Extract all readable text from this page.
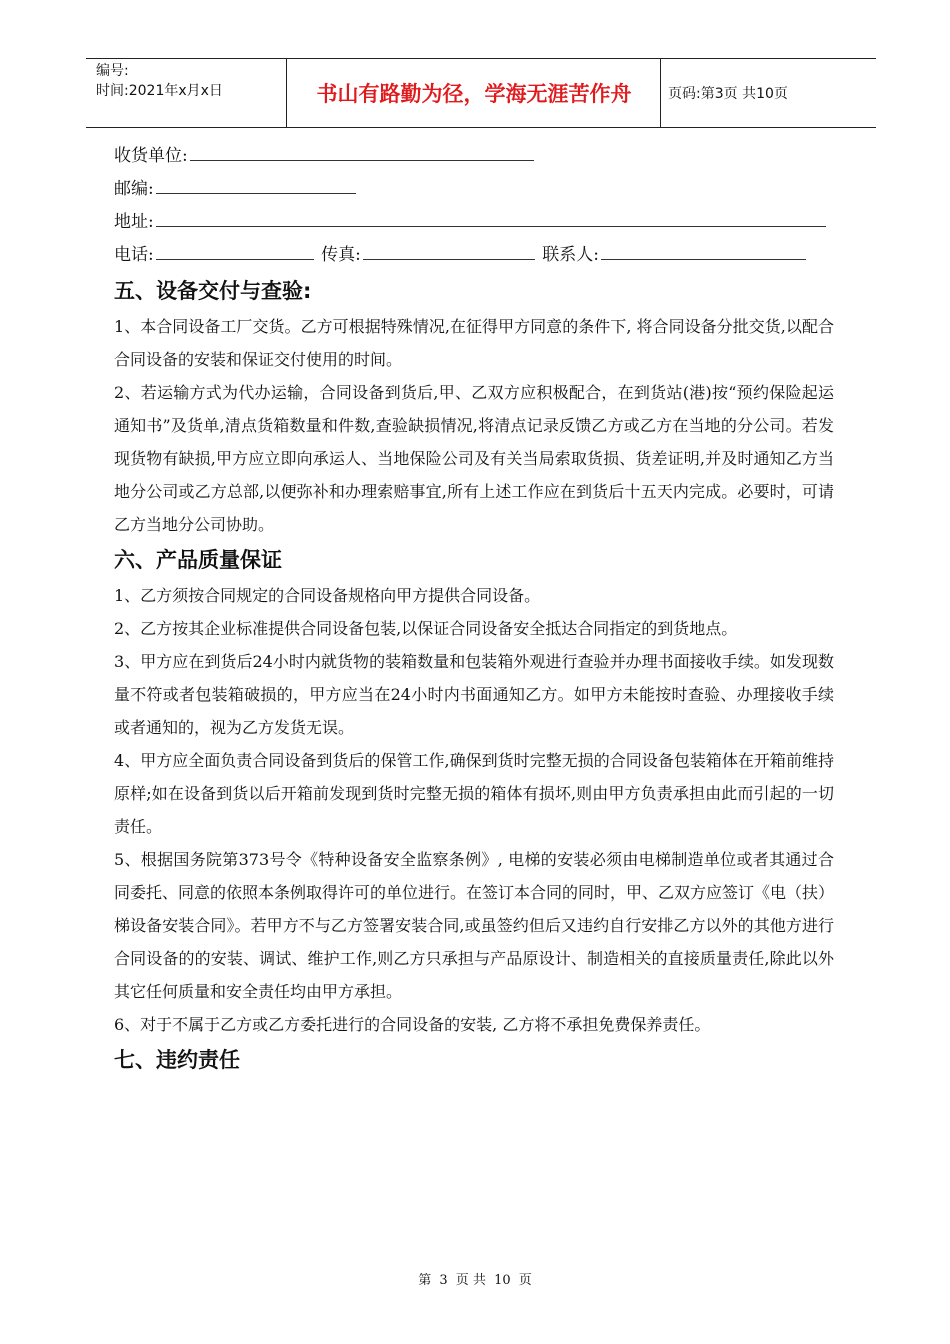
编号:
时间:2021年x月x日	书山有路勤为径，学海无涯苦作舟	页码:第3页 共10页
收货单位:
邮编:
地址:
电话:	传真:	联系人:
五、设备交付与查验:

1、本合同设备工厂交货。乙方可根据特殊情况,在征得甲方同意的条件下, 将合同设备分批交货,以配合合同设备的安装和保证交付使用的时间。

2、若运输方式为代办运输，合同设备到货后,甲、乙双方应积极配合，在到货站(港)按“预约保险起运通知书”及货单,清点货箱数量和件数,查验缺损情况,将清点记录反馈乙方或乙方在当地的分公司。若发现货物有缺损,甲方应立即向承运人、当地保险公司及有关当局索取货损、货差证明,并及时通知乙方当地分公司或乙方总部,以便弥补和办理索赔事宜,所有上述工作应在到货后十五天内完成。必要时，可请乙方当地分公司协助。

六、产品质量保证

1、乙方须按合同规定的合同设备规格向甲方提供合同设备。

2、乙方按其企业标准提供合同设备包装,以保证合同设备安全抵达合同指定的到货地点。

3、甲方应在到货后24小时内就货物的装箱数量和包装箱外观进行查验并办理书面接收手续。如发现数量不符或者包装箱破损的，甲方应当在24小时内书面通知乙方。如甲方未能按时查验、办理接收手续或者通知的，视为乙方发货无误。

4、甲方应全面负责合同设备到货后的保管工作,确保到货时完整无损的合同设备包装箱体在开箱前维持原样;如在设备到货以后开箱前发现到货时完整无损的箱体有损坏,则由甲方负责承担由此而引起的一切责任。

5、根据国务院第373号令《特种设备安全监察条例》, 电梯的安装必须由电梯制造单位或者其通过合同委托、同意的依照本条例取得许可的单位进行。在签订本合同的同时，甲、乙双方应签订《电（扶）梯设备安装合同》。若甲方不与乙方签署安装合同,或虽签约但后又违约自行安排乙方以外的其他方进行合同设备的的安装、调试、维护工作,则乙方只承担与产品原设计、制造相关的直接质量责任,除此以外其它任何质量和安全责任均由甲方承担。

6、对于不属于乙方或乙方委托进行的合同设备的安装, 乙方将不承担免费保养责任。

七、违约责任
第 3 页 共 10 页
